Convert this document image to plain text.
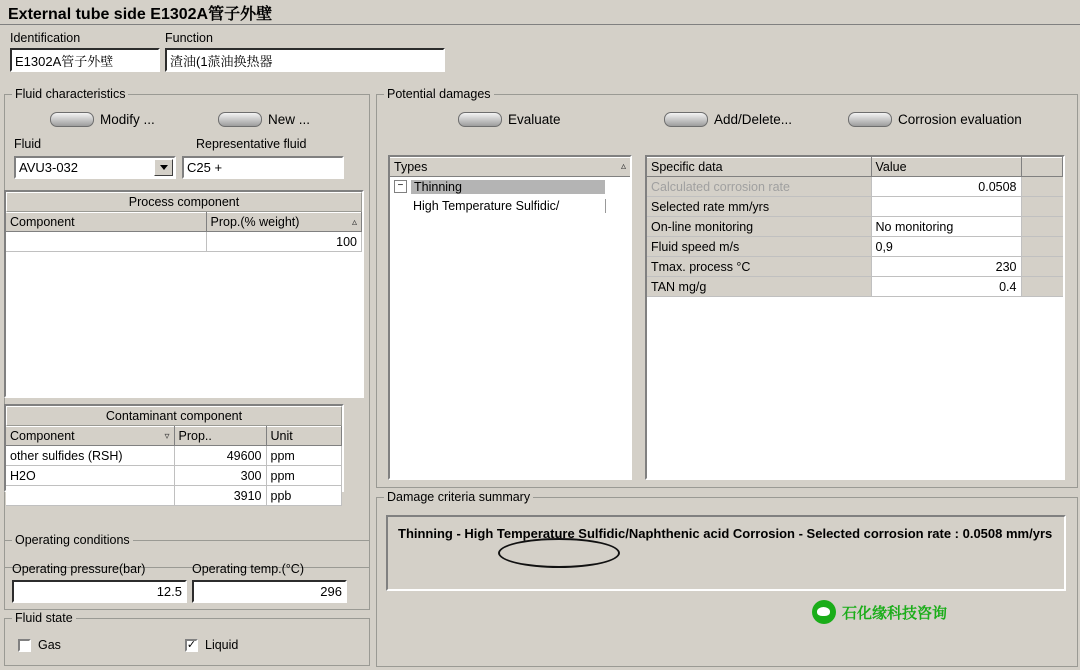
External tube side E1302A管子外壁
Identification
E1302A管子外壁
Function
渣油(1蒎油换热器
Fluid characteristics
Modify ...	New ...
Fluid	Representative fluid
AVU3-032	C25 +
Process component
Component	Prop.(% weight) ▵

C25+	100
Contaminant component
Component ▿	Prop..	Unit
other sulfides (RSH)	49600	ppm
H2O	300	ppm
Cl-	3910	ppb
Operating conditions
Operating pressure(bar)	Operating temp.(°C)
12.5	296
Fluid state
Gas	✓ Liquid
Potential damages
Evaluate	Add/Delete...	Corrosion evaluation
Types	▵
− Thinning
High Temperature Sulfidic/
Specific data	Value	
Calculated corrosion rate	0.0508	
Selected rate mm/yrs		
On-line monitoring	No monitoring	
Fluid speed m/s	0,9	
Tmax. process °C	230	
TAN mg/g	0.4	
Damage criteria summary
Thinning - High Temperature Sulfidic/Naphthenic acid Corrosion - Selected corrosion rate : 0.0508 mm/yrs
石化缘科技咨询
